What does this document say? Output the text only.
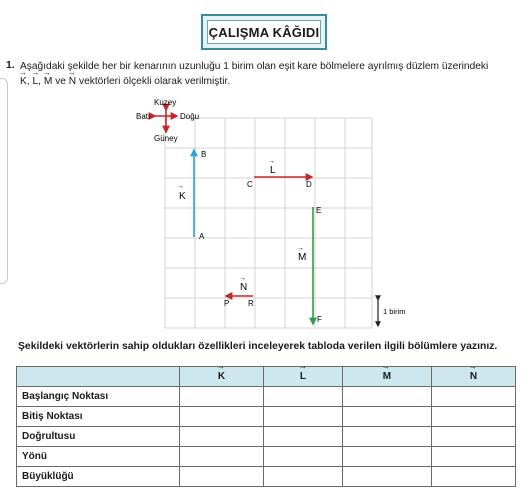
ÇALIŞMA KÂĞIDI
1. Aşağıdaki şekilde her bir kenarının uzunluğu 1 birim olan eşit kare bölmelere ayrılmış düzlem üzerindeki
→ K, → L, → M ve → N vektörleri ölçekli olarak verilmiştir.
Kuzey
Güney
Batı	Doğu
B
A
→
K
C	D
→
L
E
F
→
M
P R
→
N
1 birim
Şekildeki vektörlerin sahip oldukları özellikleri inceleyerek tabloda verilen ilgili bölümlere yazınız.
	→ K	→ L	→ M	→ N
Başlangıç Noktası				
Bitiş Noktası				
Doğrultusu				
Yönü				
Büyüklüğü				
